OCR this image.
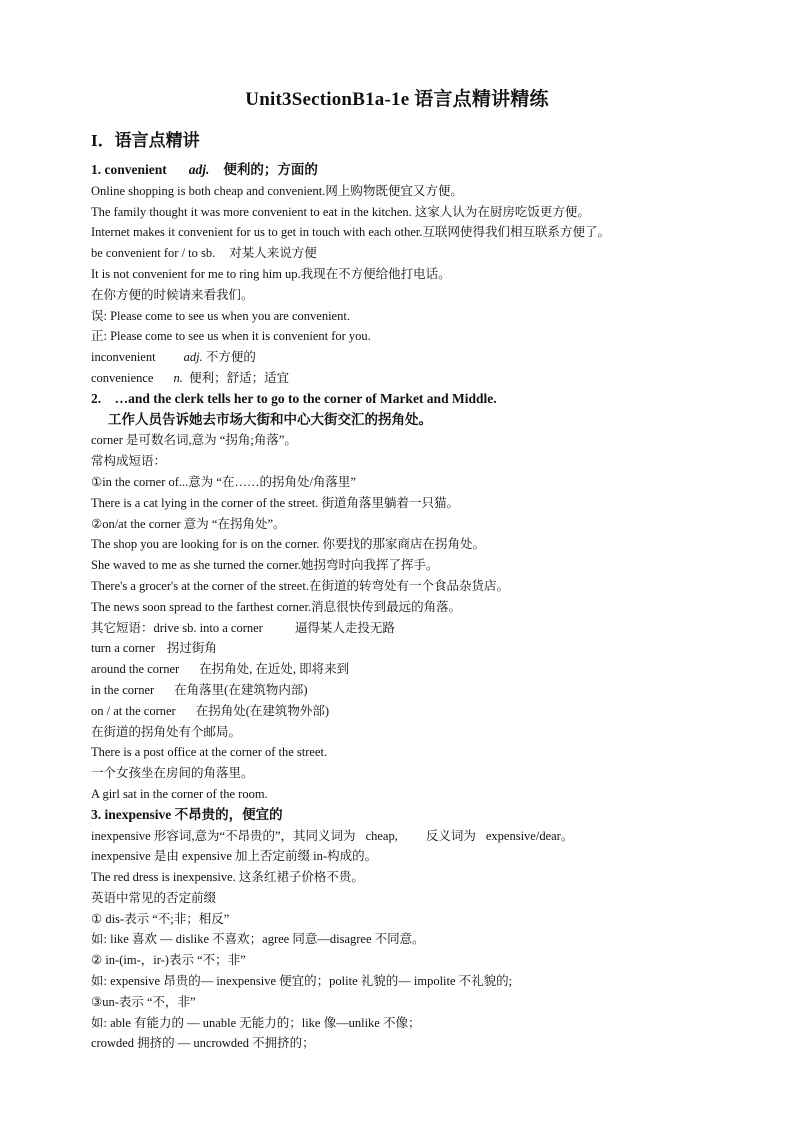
Unit3SectionB1a-1e 语言点精讲精练
I．语言点精讲
1. convenient adj. 便利的；方面的
Online shopping is both cheap and convenient.网上购物既便宜又方便。
The family thought it was more convenient to eat in the kitchen. 这家人认为在厨房吃饭更方便。
Internet makes it convenient for us to get in touch with each other.互联网使得我们相互联系方便了。
be convenient for / to sb. 对某人来说方便
It is not convenient for me to ring him up.我现在不方便给他打电话。
在你方便的时候请来看我们。
误: Please come to see us when you are convenient.
正: Please come to see us when it is convenient for you.
inconvenient adj. 不方便的
convenience n. 便利；舒适；适宜
2.　…and the clerk tells her to go to the corner of Market and Middle.
工作人员告诉她去市场大街和中心大街交汇的拐角处。
corner 是可数名词,意为 “拐角;角落”。
常构成短语：
①in the corner of...意为 “在……的拐角处/角落里”
There is a cat lying in the corner of the street. 街道角落里躺着一只猫。
②on/at the corner 意为 “在拐角处”。
The shop you are looking for is on the corner. 你要找的那家商店在拐角处。
She waved to me as she turned the corner.她拐弯时向我挥了挥手。
There's a grocer's at the corner of the street.在街道的转弯处有一个食品杂货店。
The news soon spread to the farthest corner.消息很快传到最远的角落。
其它短语：drive sb. into a corner	逼得某人走投无路
turn a corner 拐过街角
around the corner 在拐角处, 在近处, 即将来到
in the corner 在角落里(在建筑物内部)
on / at the corner 在拐角处(在建筑物外部)
在街道的拐角处有个邮局。
There is a post office at the corner of the street.
一个女孩坐在房间的角落里。
A girl sat in the corner of the room.
3. inexpensive 不昂贵的，便宜的
inexpensive 形容词,意为“不昂贵的”，其同义词为 cheap, 反义词为 expensive/dear。
inexpensive 是由 expensive 加上否定前缀 in-构成的。
The red dress is inexpensive. 这条红裙子价格不贵。
英语中常见的否定前缀
① dis-表示 “不;非；相反”
如: like 喜欢 — dislike 不喜欢；agree 同意—disagree 不同意。
② in-(im-，ir-)表示 “不；非”
如: expensive 昂贵的— inexpensive 便宜的；polite 礼貌的— impolite 不礼貌的;
③un-表示 “不，非”
如: able 有能力的 — unable 无能力的；like 像—unlike 不像；
crowded 拥挤的 — uncrowded 不拥挤的；
